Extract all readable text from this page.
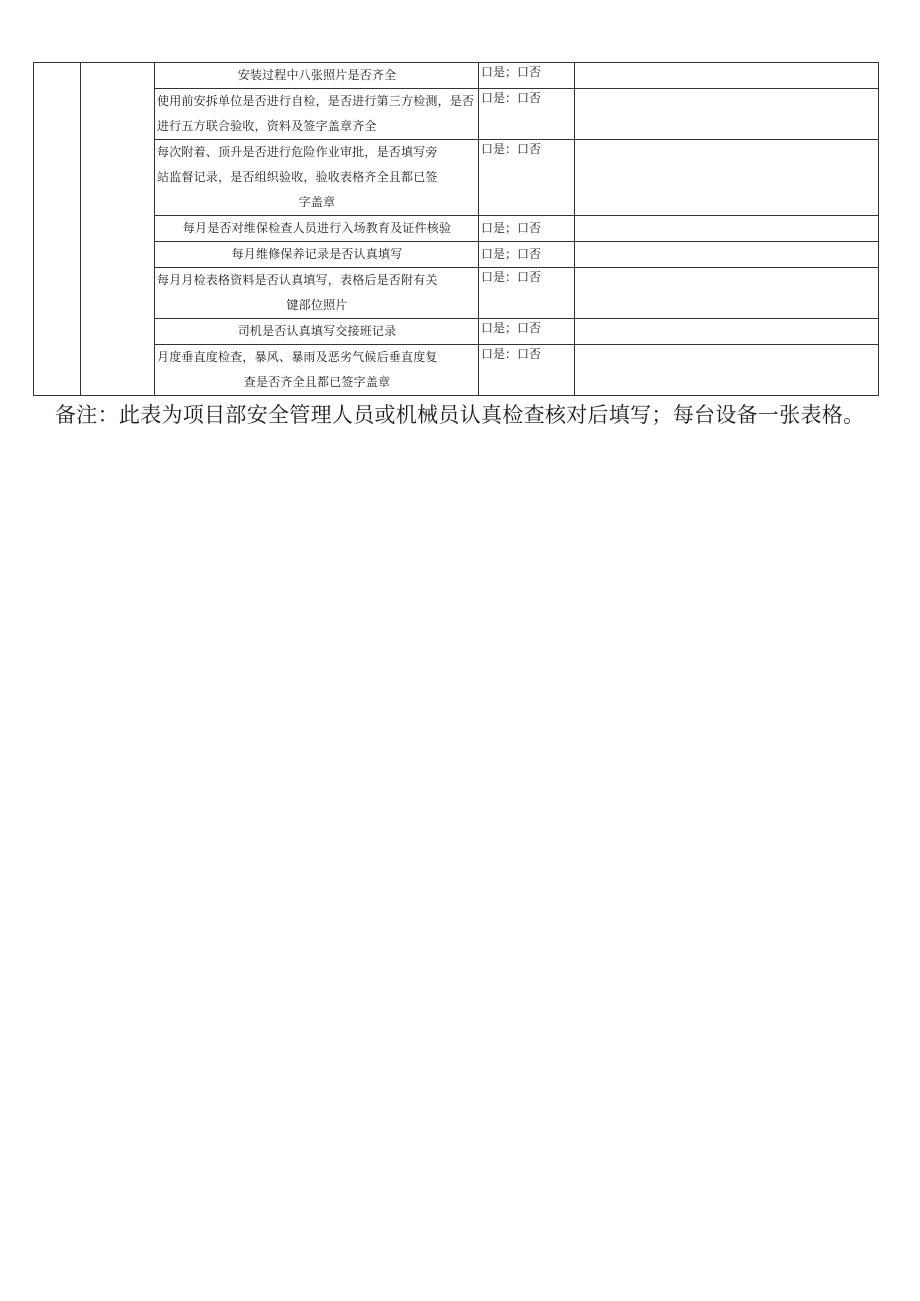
		安装过程中八张照片是否齐全	口是；口否	
		使用前安拆单位是否进行自检，是否进行第三方检测，是否进行五方联合验收，资料及签字盖章齐全	口是：口否	

		每次附着、顶升是否进行危险作业审批，是否填写旁
站监督记录，是否组织验收，验收表格齐全且都已签
字盖章	口是：口否	
		每月是否对维保检查人员进行入场教育及证件核验	口是；口否	
		每月维修保养记录是否认真填写	口是；口否	

		每月月检表格资料是否认真填写，表格后是否附有关
键部位照片	口是：口否	
		司机是否认真填写交接班记录	口是；口否	

		月度垂直度检查，暴风、暴雨及恶劣气候后垂直度复
查是否齐全且都已签字盖章	口是：口否	
备注：此表为项目部安全管理人员或机械员认真检查核对后填写；每台设备一张表格。
